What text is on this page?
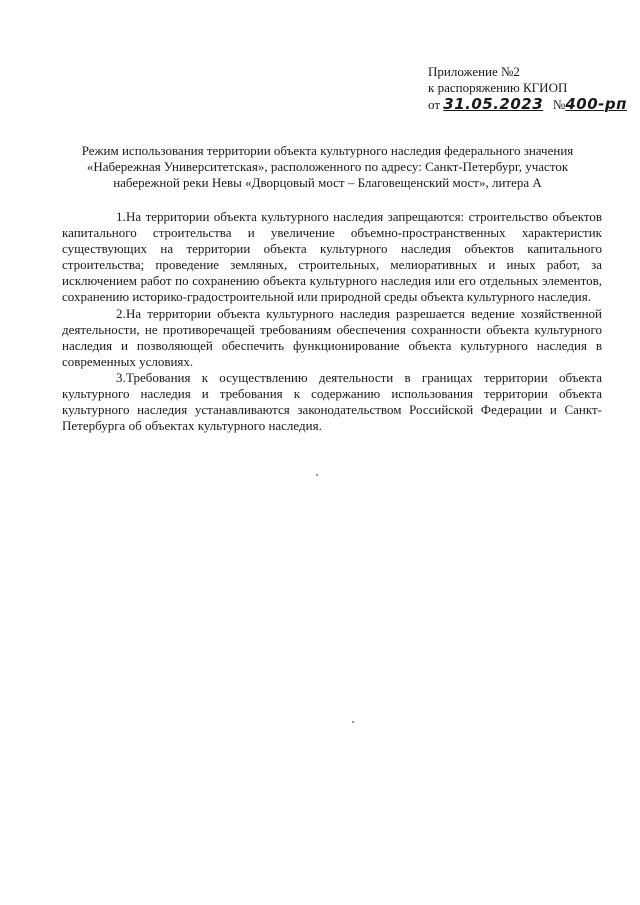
Приложение №2
к распоряжению КГИОП
от 31.05.2023 №400-рп
Режим использования территории объекта культурного наследия федерального значения «Набережная Университетская», расположенного по адресу: Санкт-Петербург, участок набережной реки Невы «Дворцовый мост – Благовещенский мост», литера А

1.На территории объекта культурного наследия запрещаются: строительство объектов капитального строительства и увеличение объемно-пространственных характеристик существующих на территории объекта культурного наследия объектов капитального строительства; проведение земляных, строительных, мелиоративных и иных работ, за исключением работ по сохранению объекта культурного наследия или его отдельных элементов, сохранению историко-градостроительной или природной среды объекта культурного наследия.

2.На территории объекта культурного наследия разрешается ведение хозяйственной деятельности, не противоречащей требованиям обеспечения сохранности объекта культурного наследия и позволяющей обеспечить функционирование объекта культурного наследия в современных условиях.

3.Требования к осуществлению деятельности в границах территории объекта культурного наследия и требования к содержанию использования территории объекта культурного наследия устанавливаются законодательством Российской Федерации и Санкт-Петербурга об объектах культурного наследия.
